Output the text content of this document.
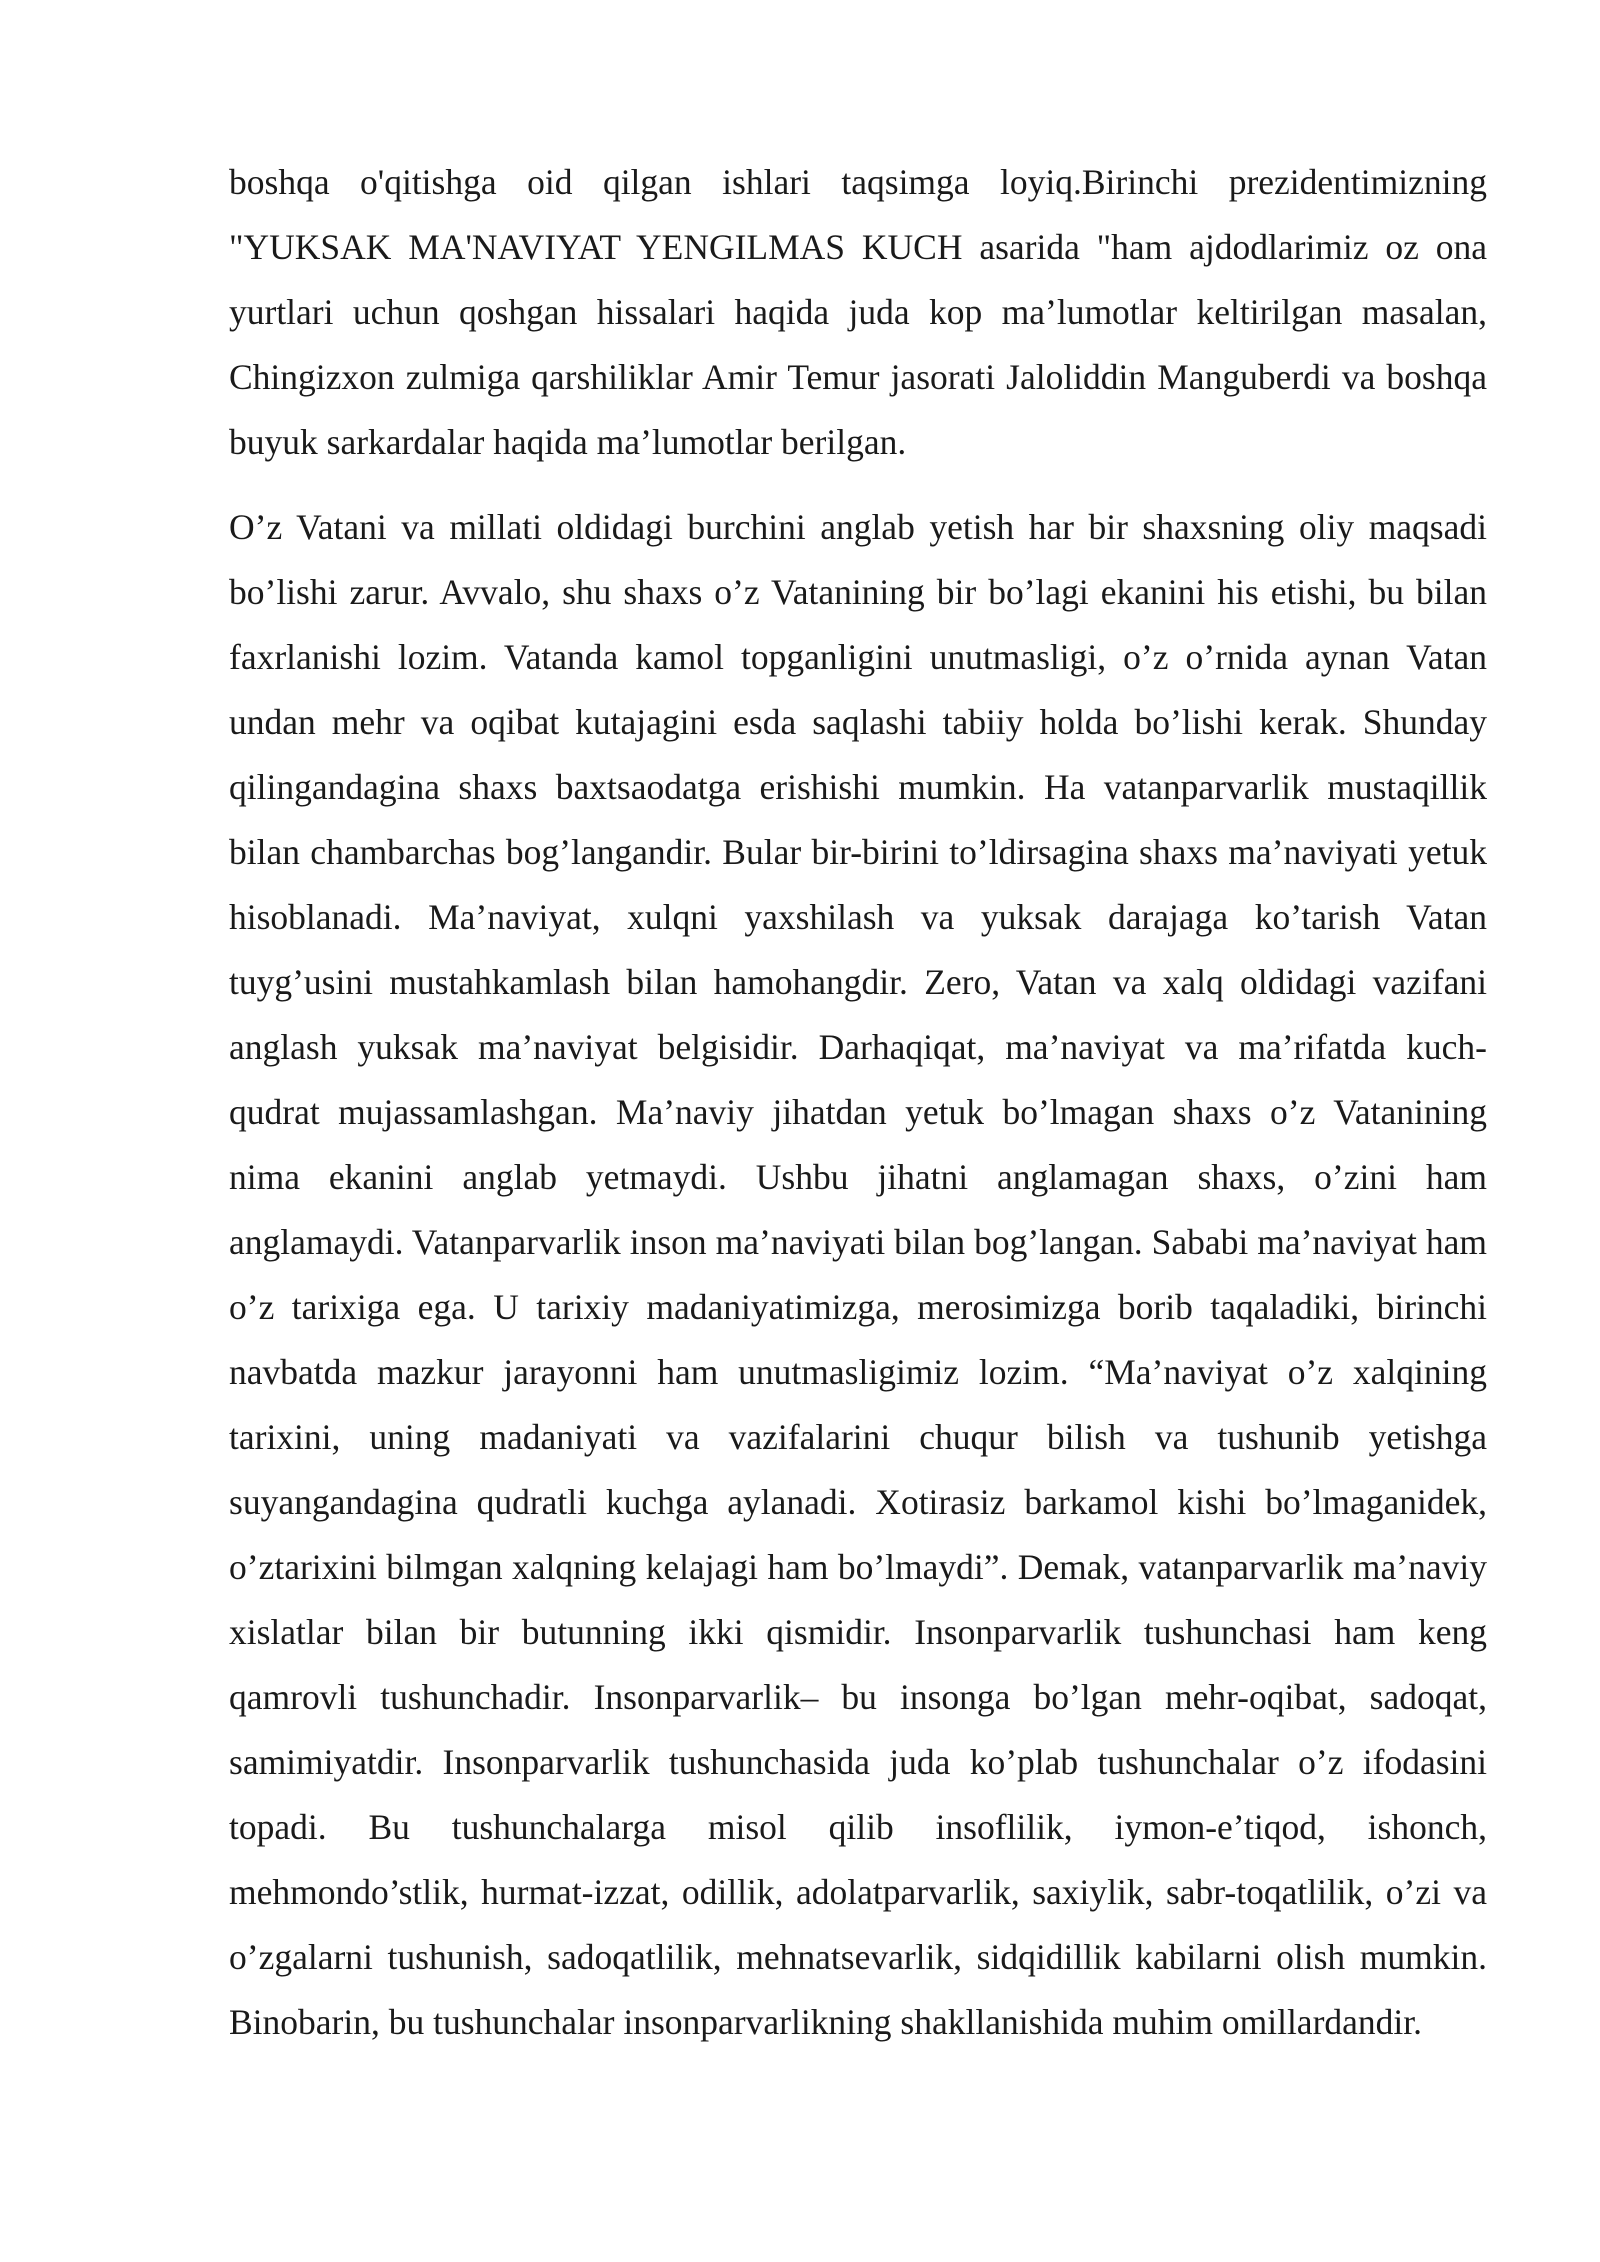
boshqa o'qitishga oid qilgan ishlari taqsimga loyiq.Birinchi prezidentimizning "YUKSAK MA'NAVIYAT YENGILMAS KUCH asarida "ham ajdodlarimiz oz ona yurtlari uchun qoshgan hissalari haqida juda kop ma’lumotlar keltirilgan masalan, Chingizxon zulmiga qarshiliklar Amir Temur jasorati Jaloliddin Manguberdi va boshqa buyuk sarkardalar haqida ma’lumotlar berilgan.

O’z Vatani va millati oldidagi burchini anglab yetish har bir shaxsning oliy maqsadi bo’lishi zarur. Avvalo, shu shaxs o’z Vatanining bir bo’lagi ekanini his etishi, bu bilan faxrlanishi lozim. Vatanda kamol topganligini unutmasligi, o’z o’rnida aynan Vatan undan mehr va oqibat kutajagini esda saqlashi tabiiy holda bo’lishi kerak. Shunday qilingandagina shaxs baxtsaodatga erishishi mumkin. Ha vatanparvarlik mustaqillik bilan chambarchas bog’langandir. Bular bir-birini to’ldirsagina shaxs ma’naviyati yetuk hisoblanadi. Ma’naviyat, xulqni yaxshilash va yuksak darajaga ko’tarish Vatan tuyg’usini mustahkamlash bilan hamohangdir. Zero, Vatan va xalq oldidagi vazifani anglash yuksak ma’naviyat belgisidir. Darhaqiqat, ma’naviyat va ma’rifatda kuch-qudrat mujassamlashgan. Ma’naviy jihatdan yetuk bo’lmagan shaxs o’z Vatanining nima ekanini anglab yetmaydi. Ushbu jihatni anglamagan shaxs, o’zini ham anglamaydi. Vatanparvarlik inson ma’naviyati bilan bog’langan. Sababi ma’naviyat ham o’z tarixiga ega. U tarixiy madaniyatimizga, merosimizga borib taqaladiki, birinchi navbatda mazkur jarayonni ham unutmasligimiz lozim. “Ma’naviyat o’z xalqining tarixini, uning madaniyati va vazifalarini chuqur bilish va tushunib yetishga suyangandagina qudratli kuchga aylanadi. Xotirasiz barkamol kishi bo’lmaganidek, o’ztarixini bilmgan xalqning kelajagi ham bo’lmaydi”. Demak, vatanparvarlik ma’naviy xislatlar bilan bir butunning ikki qismidir. Insonparvarlik tushunchasi ham keng qamrovli tushunchadir. Insonparvarlik– bu insonga bo’lgan mehr-oqibat, sadoqat, samimiyatdir. Insonparvarlik tushunchasida juda ko’plab tushunchalar o’z ifodasini topadi. Bu tushunchalarga misol qilib insoflilik, iymon-e’tiqod, ishonch, mehmondo’stlik, hurmat-izzat, odillik, adolatparvarlik, saxiylik, sabr-toqatlilik, o’zi va o’zgalarni tushunish, sadoqatlilik, mehnatsevarlik, sidqidillik kabilarni olish mumkin. Binobarin, bu tushunchalar insonparvarlikning shakllanishida muhim omillardandir.
